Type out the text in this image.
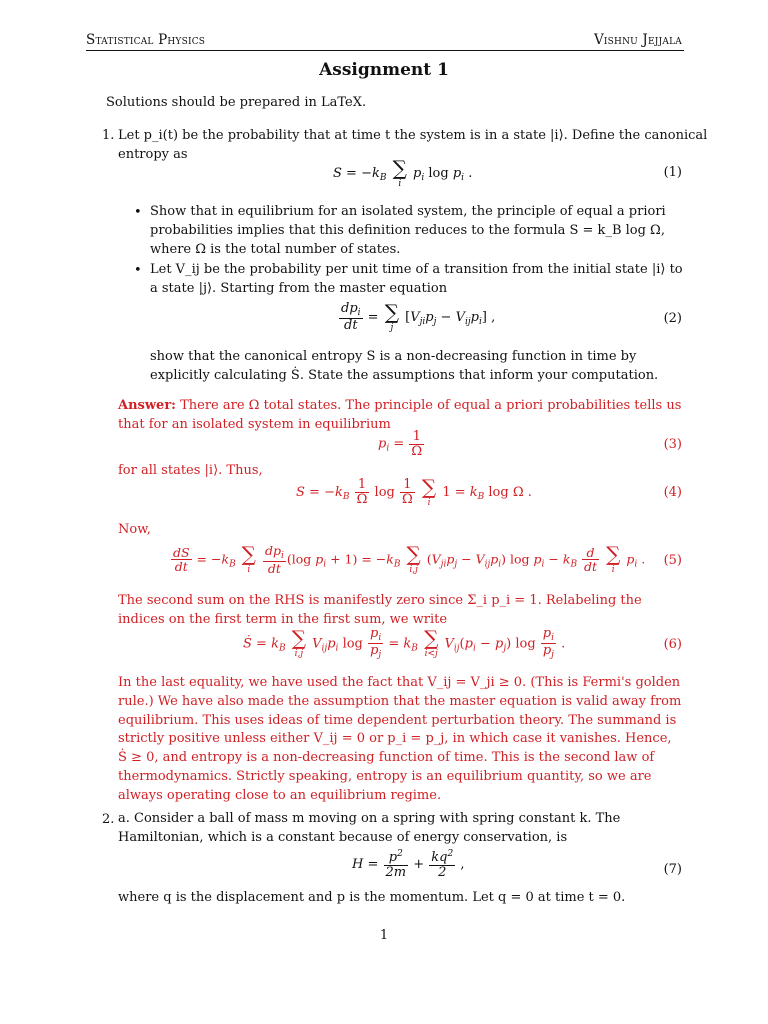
Statistical Physics	Vishnu Jejjala
Assignment 1
Solutions should be prepared in LaTeX.
1. Let p_i(t) be the probability that at time t the system is in a state |i⟩. Define the canonical
entropy as
$S = -k_B$ ∑
i
$p_i$ $\log p_i$ .	(1)
• Show that in equilibrium for an isolated system, the principle of equal a priori probabilities implies that this definition reduces to the formula S = k_B log Ω, where Ω is the total number of states.
• Let V_ij be the probability per unit time of a transition from the initial state |i⟩ to a state |j⟩. Starting from the master equation
$\frac{dp_i}{dt}$ = ∑
j
$[V_{ji}p_j - V_{ij}p_i]$ ,	(2)
show that the canonical entropy S is a non-decreasing function in time by explicitly calculating Ṡ. State the assumptions that inform your computation.
Answer: There are Ω total states. The principle of equal a priori probabilities tells us that for an isolated system in equilibrium
$p_i = \frac{1}{\Omega}$	(3)
for all states |i⟩. Thus,
$S = -k_B \frac{1}{\Omega}$ $\log \frac{1}{\Omega}$
∑
i
$1 = k_B$ log Ω .	(4)
Now,
$\frac{dS}{dt} = -k_B$ ∑
i
	$\frac{dp_i}{dt} (\log$ $p_i + 1) = -k_B$ ∑
i,j
$(V_{ji}p_j - V_{ij}p_i)$ $\log p_i - k_B \frac{d}{dt}$
∑
i
$p_i$ . (5)
The second sum on the RHS is manifestly zero since Σ_i p_i = 1. Relabeling the indices on the first term in the first sum, we write
Ṡ = $k_B$ ∑
i,j
$V_{ij}p_i$ $\log \frac{p_i}{p_j} = k_B$ ∑
i<j
$V_{ij}(p_i - p_j)$ $\log \frac{p_i}{p_j}$ .	(6)
In the last equality, we have used the fact that V_ij = V_ji ≥ 0. (This is Fermi's golden rule.) We have also made the assumption that the master equation is valid away from equilibrium. This uses ideas of time dependent perturbation theory. The summand is strictly positive unless either V_ij = 0 or p_i = p_j, in which case it vanishes. Hence, Ṡ ≥ 0, and entropy is a non-decreasing function of time. This is the second law of thermodynamics. Strictly speaking, entropy is an equilibrium quantity, so we are always operating close to an equilibrium regime.
2. a. Consider a ball of mass m moving on a spring with spring constant k. The Hamiltonian, which is a constant because of energy conservation, is
$H = \frac{p^2}{2m} + \frac{kq^2}{2}$ ,	(7)
where q is the displacement and p is the momentum. Let q = 0 at time t = 0.
1
